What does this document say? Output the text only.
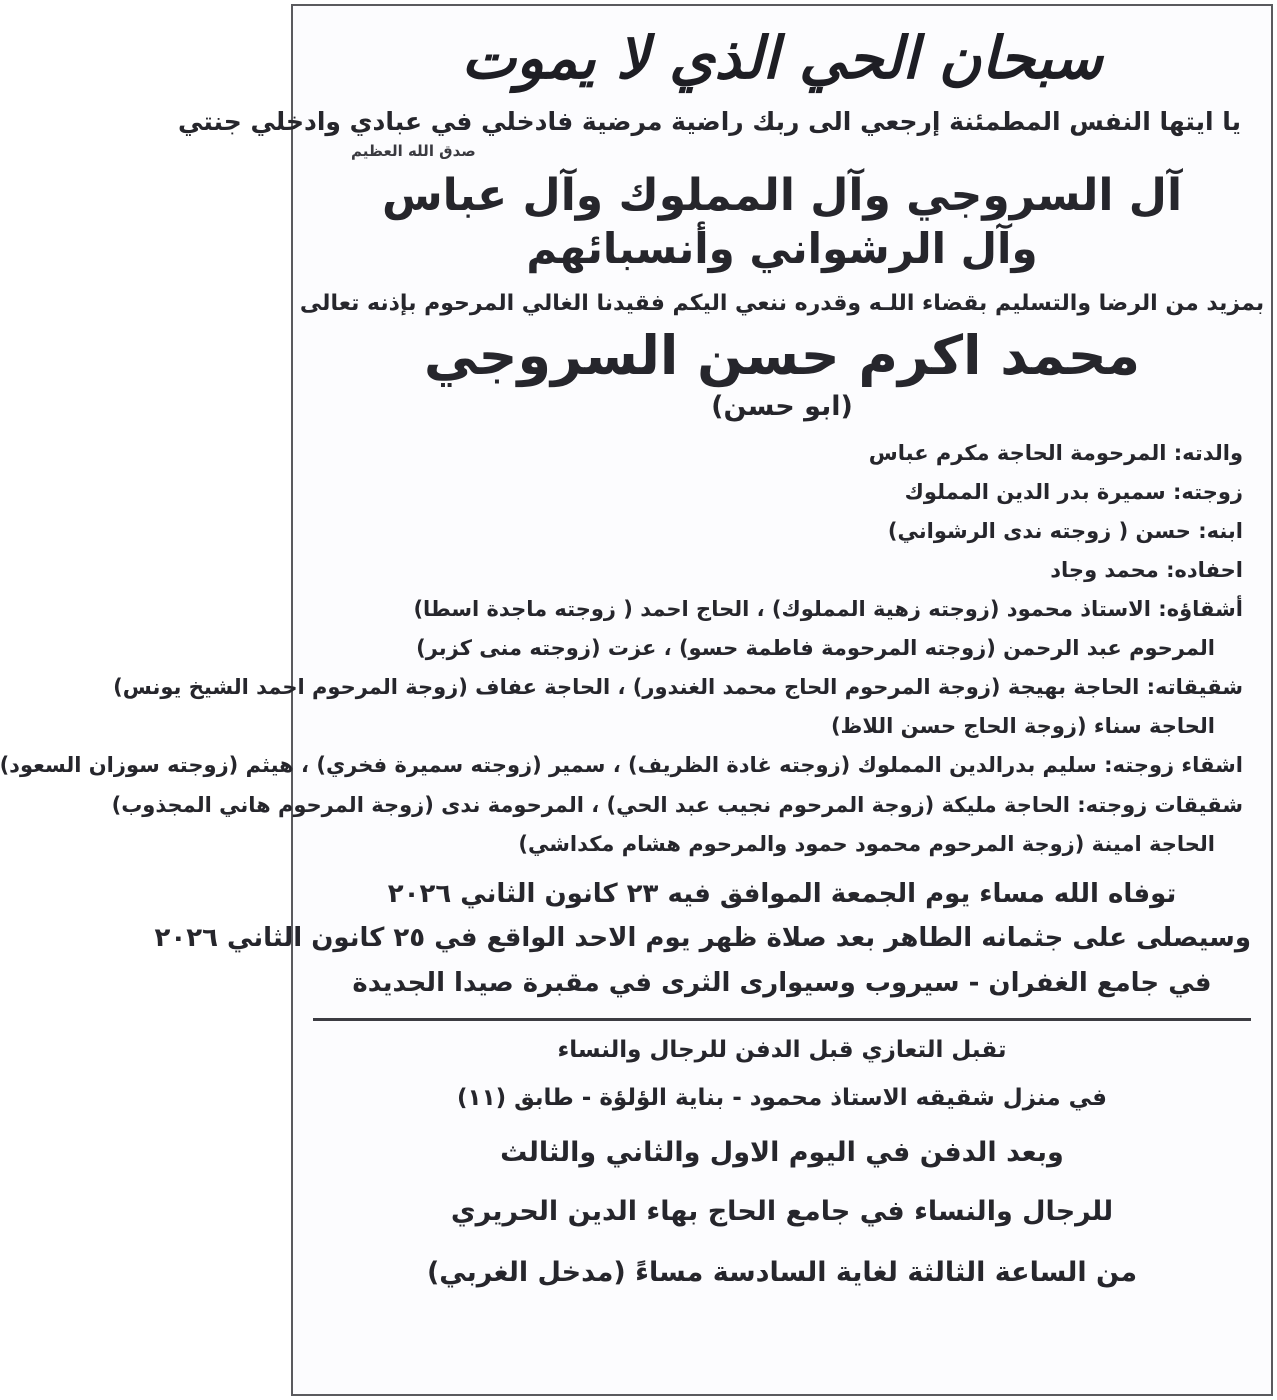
سبحان الحي الذي لا يموت
يا ايتها النفس المطمئنة إرجعي الى ربك راضية مرضية فادخلي في عبادي وادخلي جنتي
صدق الله العظيم
آل السروجي وآل المملوك وآل عباس
وآل الرشواني وأنسبائهم
بمزيد من الرضا والتسليم بقضاء اللـه وقدره ننعي اليكم فقيدنا الغالي المرحوم بإذنه تعالى
محمد اكرم حسن السروجي
(ابو حسن)
والدته: المرحومة الحاجة مكرم عباس
زوجته: سميرة بدر الدين المملوك
ابنه: حسن ( زوجته ندى الرشواني)
احفاده: محمد وجاد
أشقاؤه: الاستاذ محمود (زوجته زهية المملوك) ، الحاج احمد ( زوجته ماجدة اسطا)
المرحوم عبد الرحمن (زوجته المرحومة فاطمة حسو) ، عزت (زوجته منى كزبر)
شقيقاته: الحاجة بهيجة (زوجة المرحوم الحاج محمد الغندور) ، الحاجة عفاف (زوجة المرحوم احمد الشيخ يونس)
الحاجة سناء (زوجة الحاج حسن اللاظ)
اشقاء زوجته: سليم بدرالدين المملوك (زوجته غادة الظريف) ، سمير (زوجته سميرة فخري) ، هيثم (زوجته سوزان السعود)
شقيقات زوجته: الحاجة مليكة (زوجة المرحوم نجيب عبد الحي) ، المرحومة ندى (زوجة المرحوم هاني المجذوب)
الحاجة امينة (زوجة المرحوم محمود حمود والمرحوم هشام مكداشي)
توفاه الله مساء يوم الجمعة الموافق فيه ٢٣ كانون الثاني ٢٠٢٦
وسيصلى على جثمانه الطاهر بعد صلاة ظهر يوم الاحد الواقع في ٢٥ كانون الثاني ٢٠٢٦
في جامع الغفران - سيروب وسيوارى الثرى في مقبرة صيدا الجديدة
تقبل التعازي قبل الدفن للرجال والنساء
في منزل شقيقه الاستاذ محمود - بناية الؤلؤة - طابق (١١)
وبعد الدفن في اليوم الاول والثاني والثالث
للرجال والنساء في جامع الحاج بهاء الدين الحريري
من الساعة الثالثة لغاية السادسة مساءً (مدخل الغربي)
